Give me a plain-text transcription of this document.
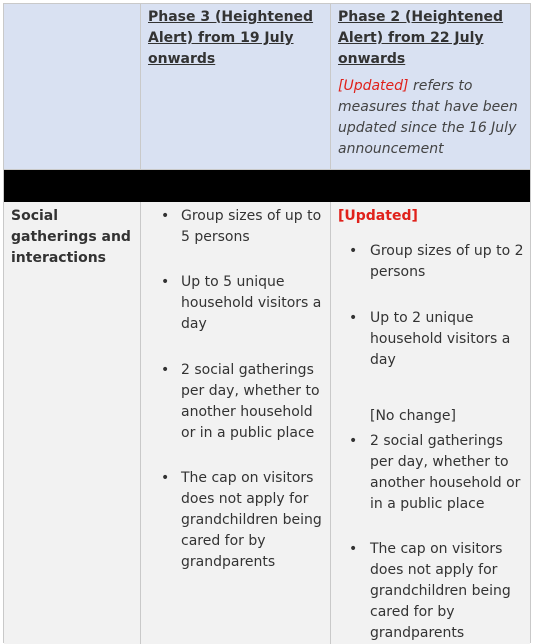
Phase 3 (Heightened Alert) from 19 July onwards
Phase 2 (Heightened Alert) from 22 July onwards
[Updated] refers to measures that have been updated since the 16 July announcement
Social gatherings and interactions
• Group sizes of up to 5 persons
• Up to 5 unique household visitors a day
• 2 social gatherings per day, whether to another household or in a public place
• The cap on visitors does not apply for grandchildren being cared for by grandparents
[Updated]
• Group sizes of up to 2 persons
• Up to 2 unique household visitors a day
[No change]
• 2 social gatherings per day, whether to another household or in a public place
• The cap on visitors does not apply for grandchildren being cared for by grandparents
